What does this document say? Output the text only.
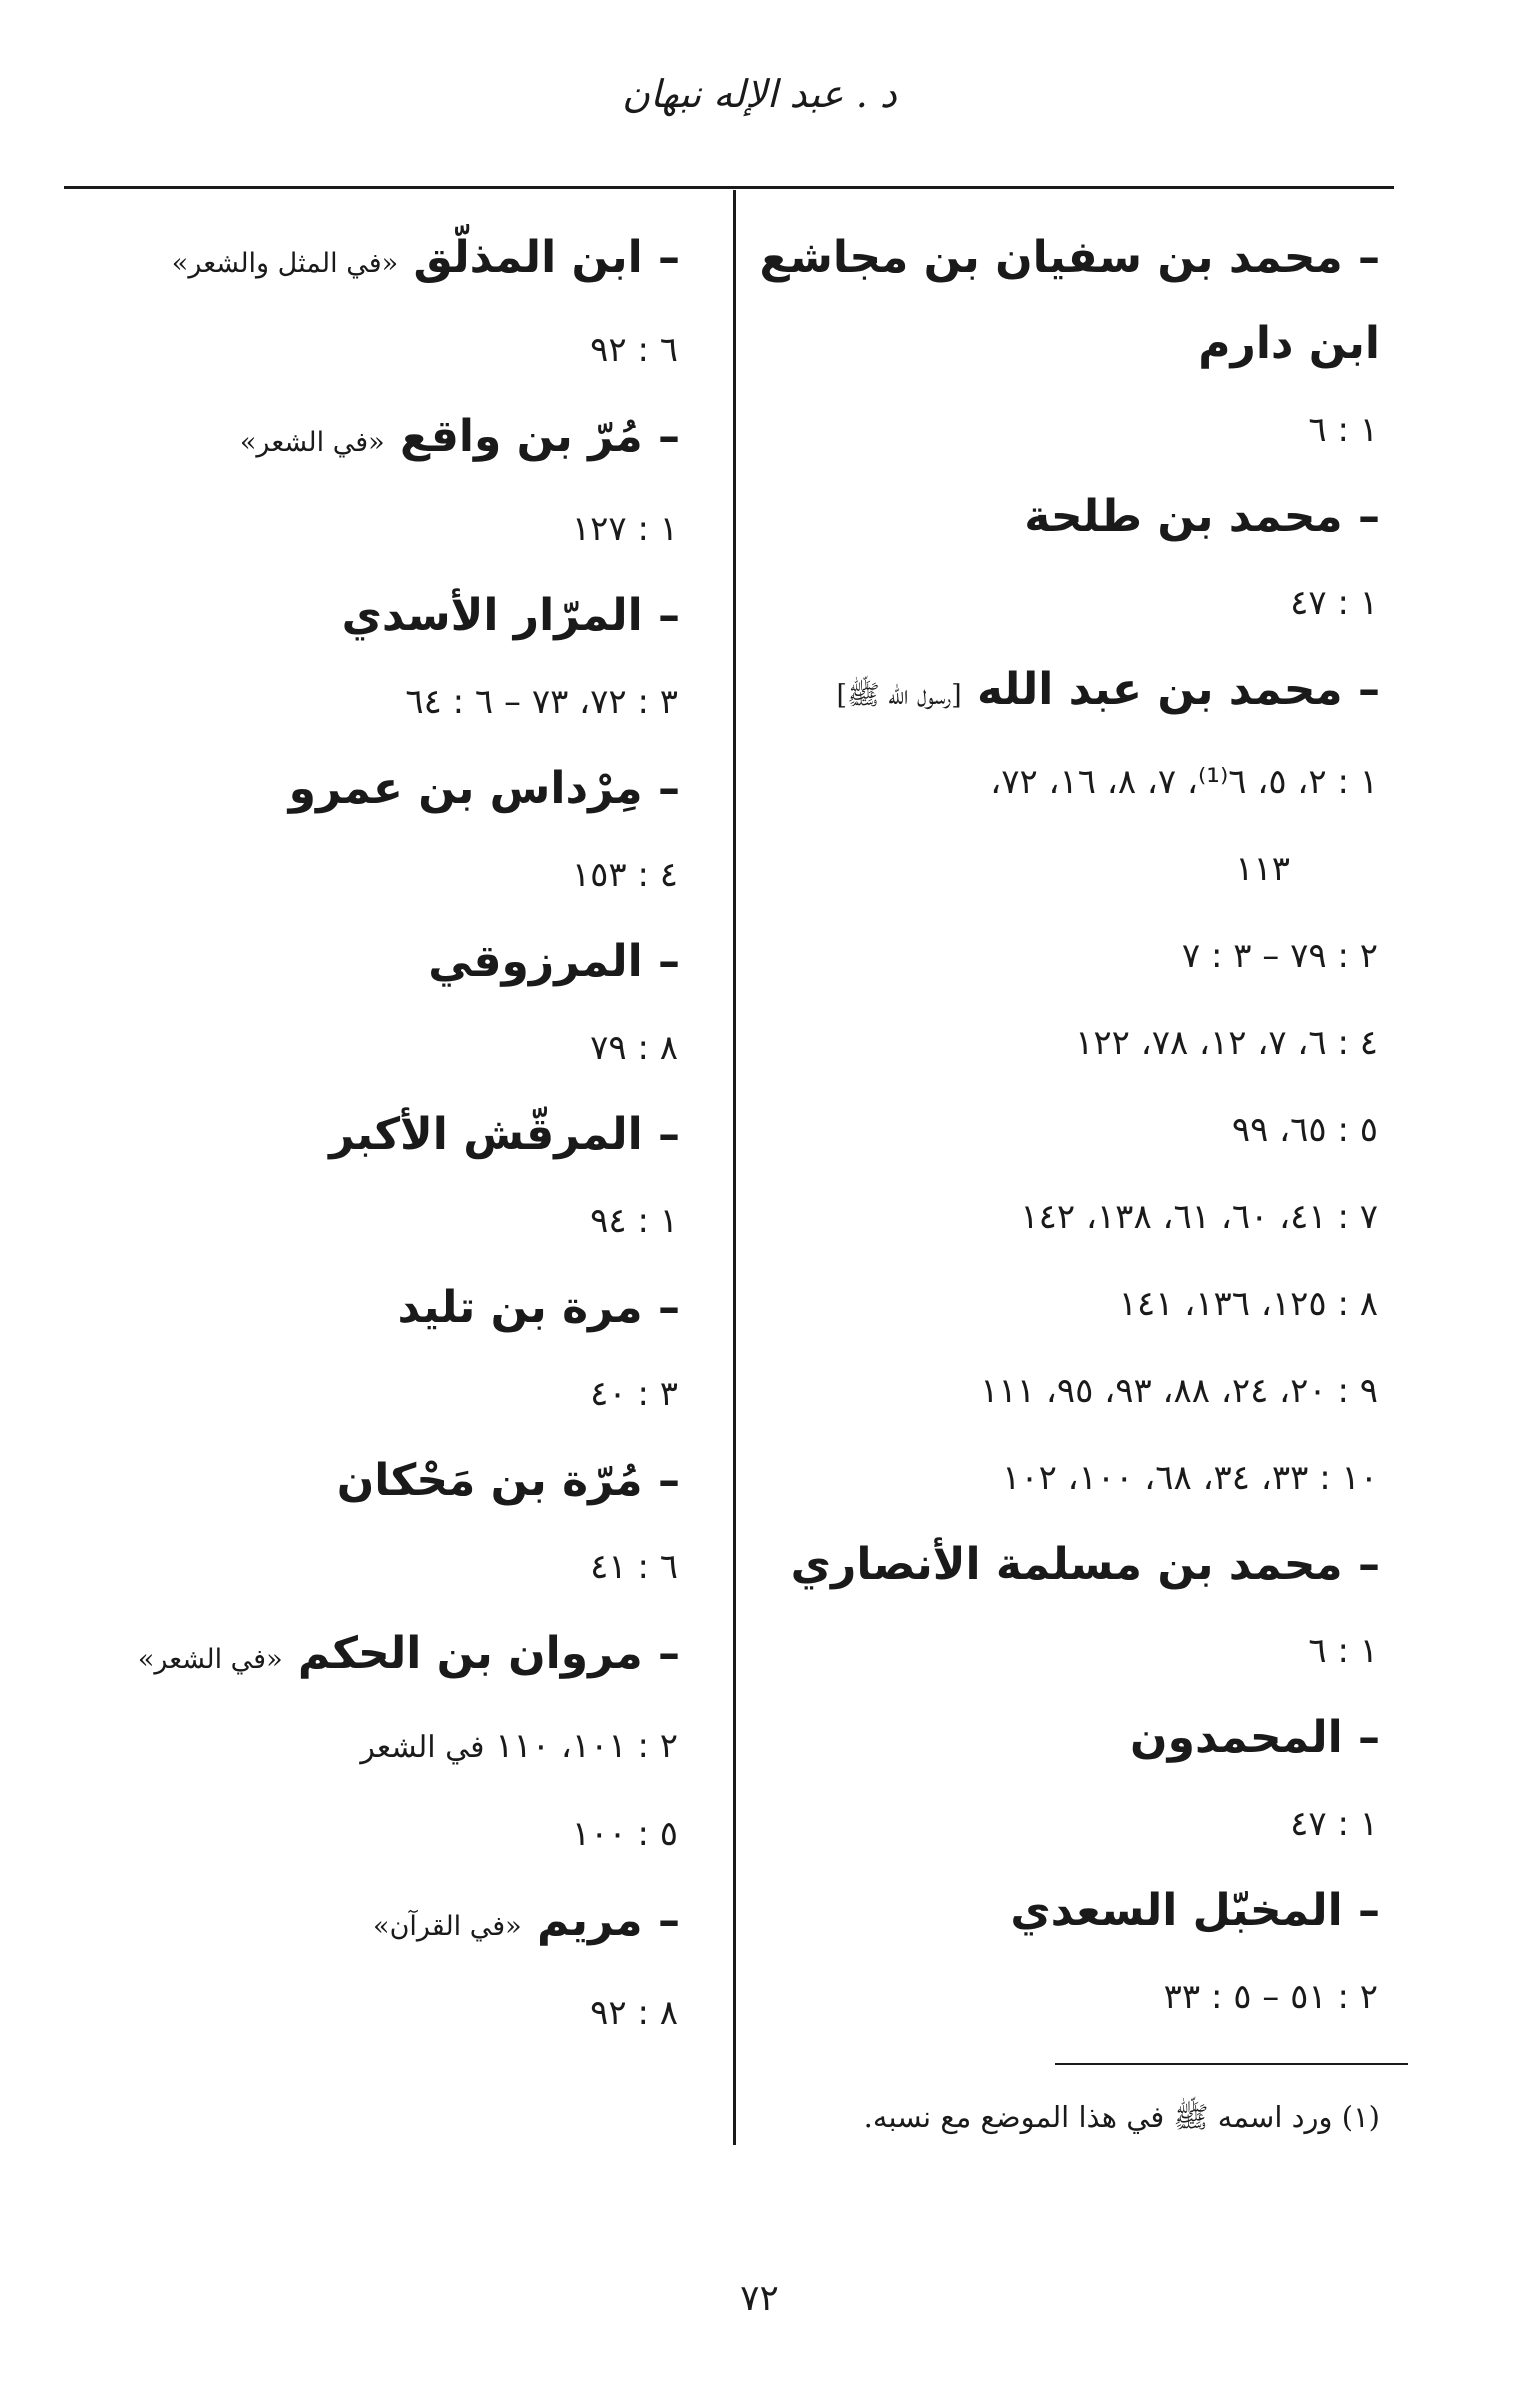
د . عبد الإله نبهان
– محمد بن سفيان بن مجاشع
ابن دارم
١ : ٦
– محمد بن طلحة
١ : ٤٧
– محمد بن عبد الله [رسول الله ﷺ]
١ : ٢، ٥، ٦⁽¹⁾، ٧، ٨، ١٦، ٧٢،
١١٣
٢ : ٧٩ – ٣ : ٧
٤ : ٦، ٧، ١٢، ٧٨، ١٢٢
٥ : ٦٥، ٩٩
٧ : ٤١، ٦٠، ٦١، ١٣٨، ١٤٢
٨ : ١٢٥، ١٣٦، ١٤١
٩ : ٢٠، ٢٤، ٨٨، ٩٣، ٩٥، ١١١
١٠ : ٣٣، ٣٤، ٦٨، ١٠٠، ١٠٢
– محمد بن مسلمة الأنصاري
١ : ٦
– المحمدون
١ : ٤٧
– المخبّل السعدي
٢ : ٥١ – ٥ : ٣٣
– ابن المذلّق «في المثل والشعر»
٦ : ٩٢
– مُرّ بن واقع «في الشعر»
١ : ١٢٧
– المرّار الأسدي
٣ : ٧٢، ٧٣ – ٦ : ٦٤
– مِرْداس بن عمرو
٤ : ١٥٣
– المرزوقي
٨ : ٧٩
– المرقّش الأكبر
١ : ٩٤
– مرة بن تليد
٣ : ٤٠
– مُرّة بن مَحْكان
٦ : ٤١
– مروان بن الحكم «في الشعر»
٢ : ١٠١، ١١٠ في الشعر
٥ : ١٠٠
– مريم «في القرآن»
٨ : ٩٢
(١) ورد اسمه ﷺ في هذا الموضع مع نسبه.
٧٢
